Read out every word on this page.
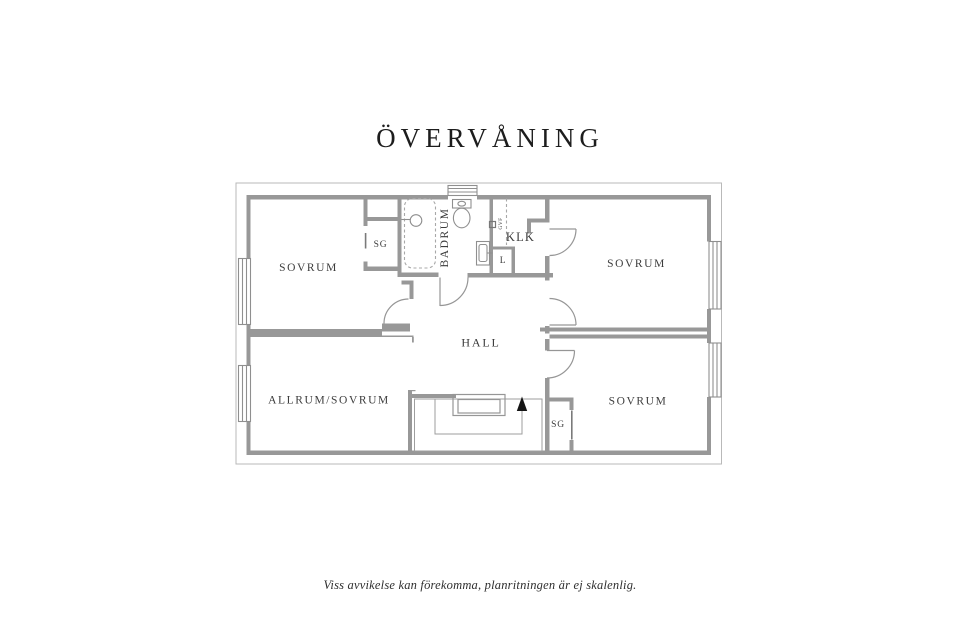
ÖVERVÅNING
SOVRUM	SOVRUM
SOVRUM
ALLRUM/SOVRUM
HALL
KLK
BADRUM
SG
SG
L
GVF
Viss avvikelse kan förekomma, planritningen är ej skalenlig.
